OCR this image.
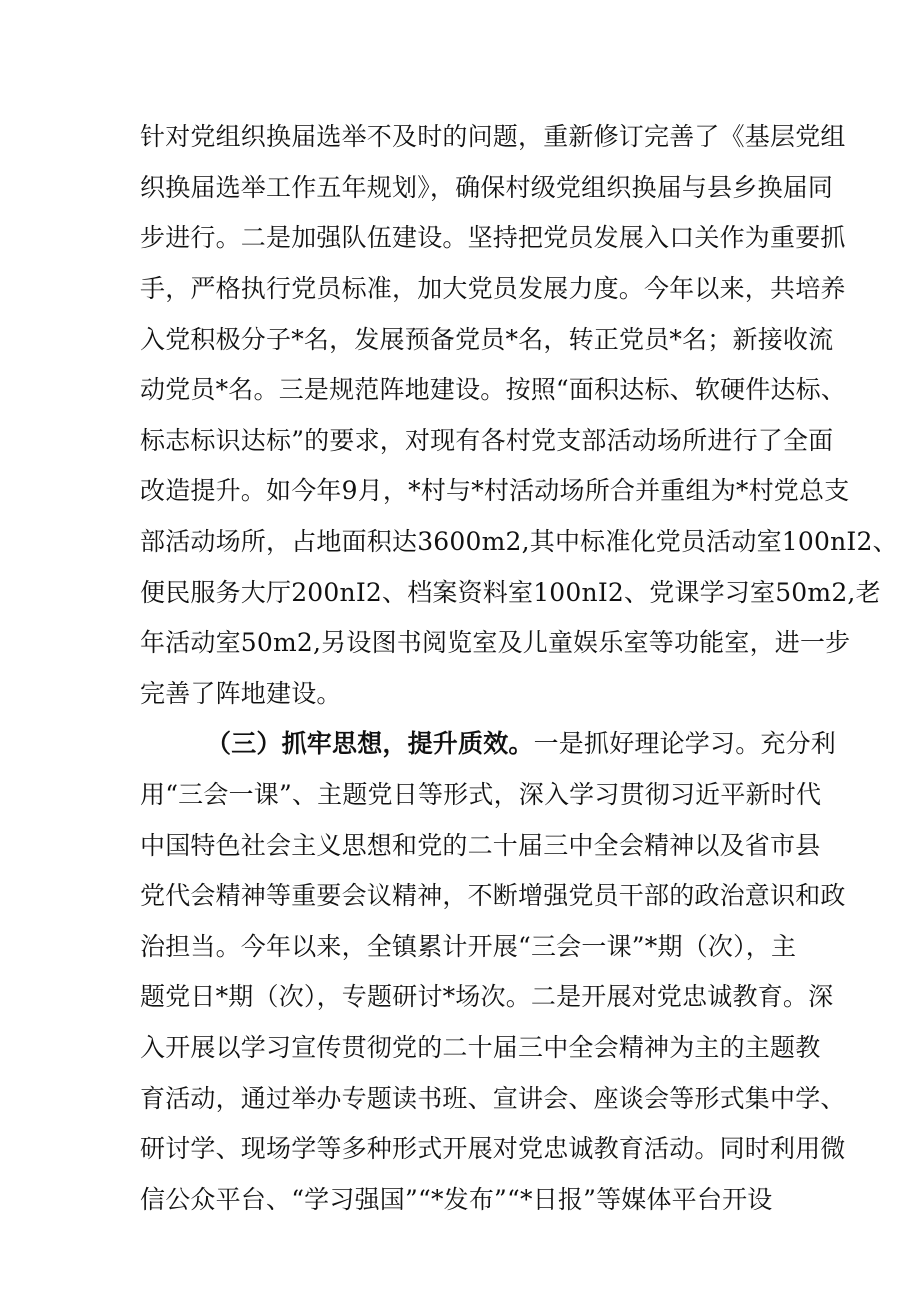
针对党组织换届选举不及时的问题，重新修订完善了《基层党组
织换届选举工作五年规划》，确保村级党组织换届与县乡换届同
步进行。二是加强队伍建设。坚持把党员发展入口关作为重要抓
手，严格执行党员标准，加大党员发展力度。今年以来，共培养
入党积极分子*名，发展预备党员*名，转正党员*名；新接收流
动党员*名。三是规范阵地建设。按照“面积达标、软硬件达标、
标志标识达标”的要求，对现有各村党支部活动场所进行了全面
改造提升。如今年9月，*村与*村活动场所合并重组为*村党总支
部活动场所，占地面积达3600m2,其中标准化党员活动室100nI2、
便民服务大厅200nI2、档案资料室100nI2、党课学习室50m2,老
年活动室50m2,另设图书阅览室及儿童娱乐室等功能室，进一步
完善了阵地建设。
（三）抓牢思想，提升质效。一是抓好理论学习。充分利
用“三会一课”、主题党日等形式，深入学习贯彻习近平新时代
中国特色社会主义思想和党的二十届三中全会精神以及省市县
党代会精神等重要会议精神，不断增强党员干部的政治意识和政
治担当。今年以来，全镇累计开展“三会一课”*期（次），主
题党日*期（次），专题研讨*场次。二是开展对党忠诚教育。深
入开展以学习宣传贯彻党的二十届三中全会精神为主的主题教
育活动，通过举办专题读书班、宣讲会、座谈会等形式集中学、
研讨学、现场学等多种形式开展对党忠诚教育活动。同时利用微
信公众平台、“学习强国”“*发布”“*日报”等媒体平台开设
